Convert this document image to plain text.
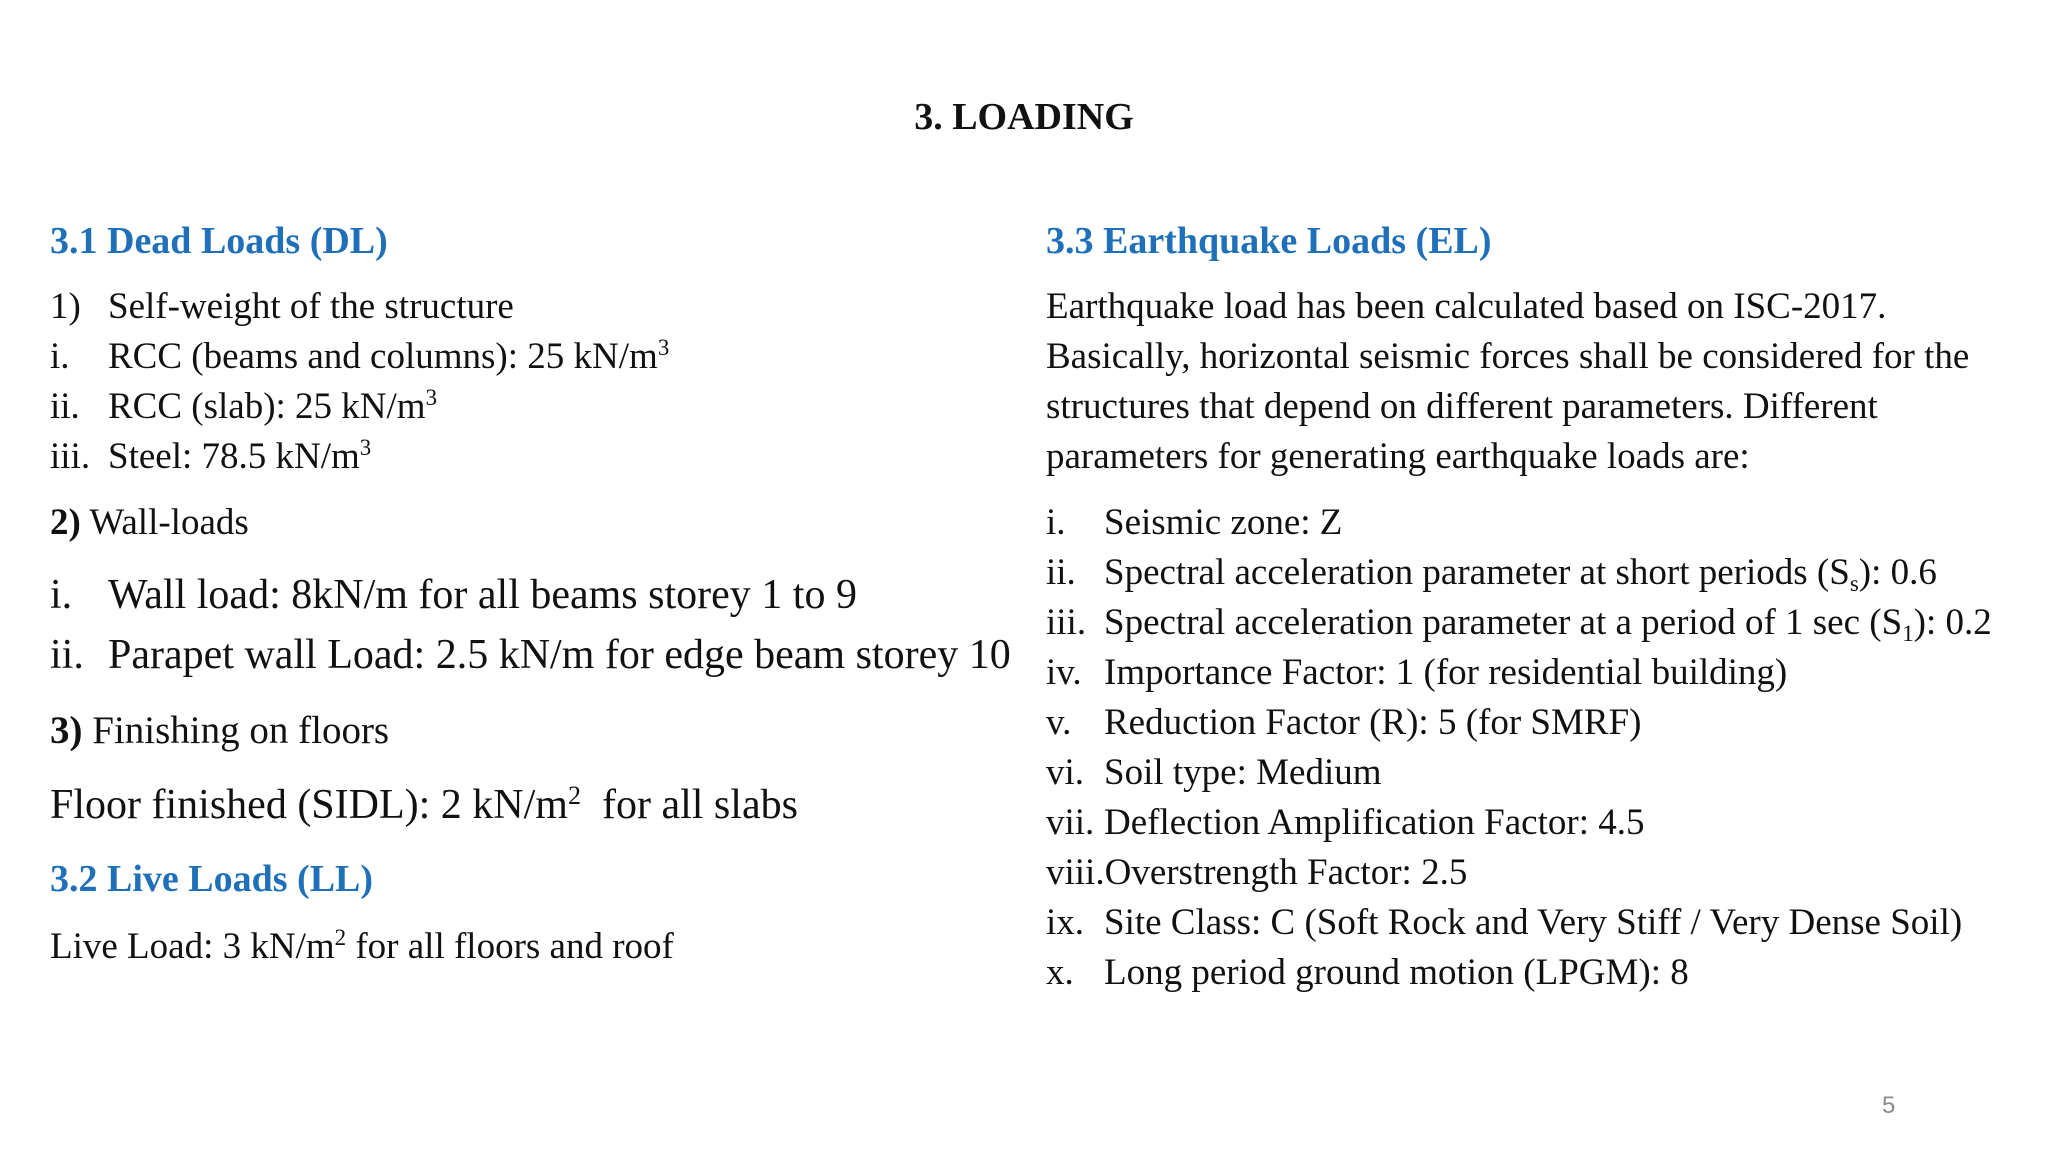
3. LOADING
3.1 Dead Loads (DL)
1) Self-weight of the structure
i. RCC (beams and columns): 25 $kN/m^3$
ii. RCC (slab): 25 $kN/m^3$
iii. Steel: 78.5 $kN/m^3$
2) Wall-loads
i. Wall load: 8kN/m for all beams storey 1 to 9
ii. Parapet wall Load: 2.5 kN/m for edge beam storey 10
3) Finishing on floors
Floor finished (SIDL): 2 $kN/m^2$  for all slabs
3.2 Live Loads (LL)
Live Load: 3 $kN/m^2$ for all floors and roof
3.3 Earthquake Loads (EL)
Earthquake load has been calculated based on ISC-2017.
Basically, horizontal seismic forces shall be considered for the
structures that depend on different parameters. Different
parameters for generating earthquake loads are:
i. Seismic zone: Z
ii. Spectral acceleration parameter at short periods $(S_s)$: 0.6
iii. Spectral acceleration parameter at a period of 1 $\sec (S_1)$: 0.2
iv. Importance Factor: 1 (for residential building)
v. Reduction Factor (R): 5 (for SMRF)
vi. Soil type: Medium
vii. Deflection Amplification Factor: 4.5
viii.Overstrength Factor: 2.5
ix. Site Class: C (Soft Rock and Very Stiff / Very Dense Soil)
x. Long period ground motion (LPGM): 8
5
